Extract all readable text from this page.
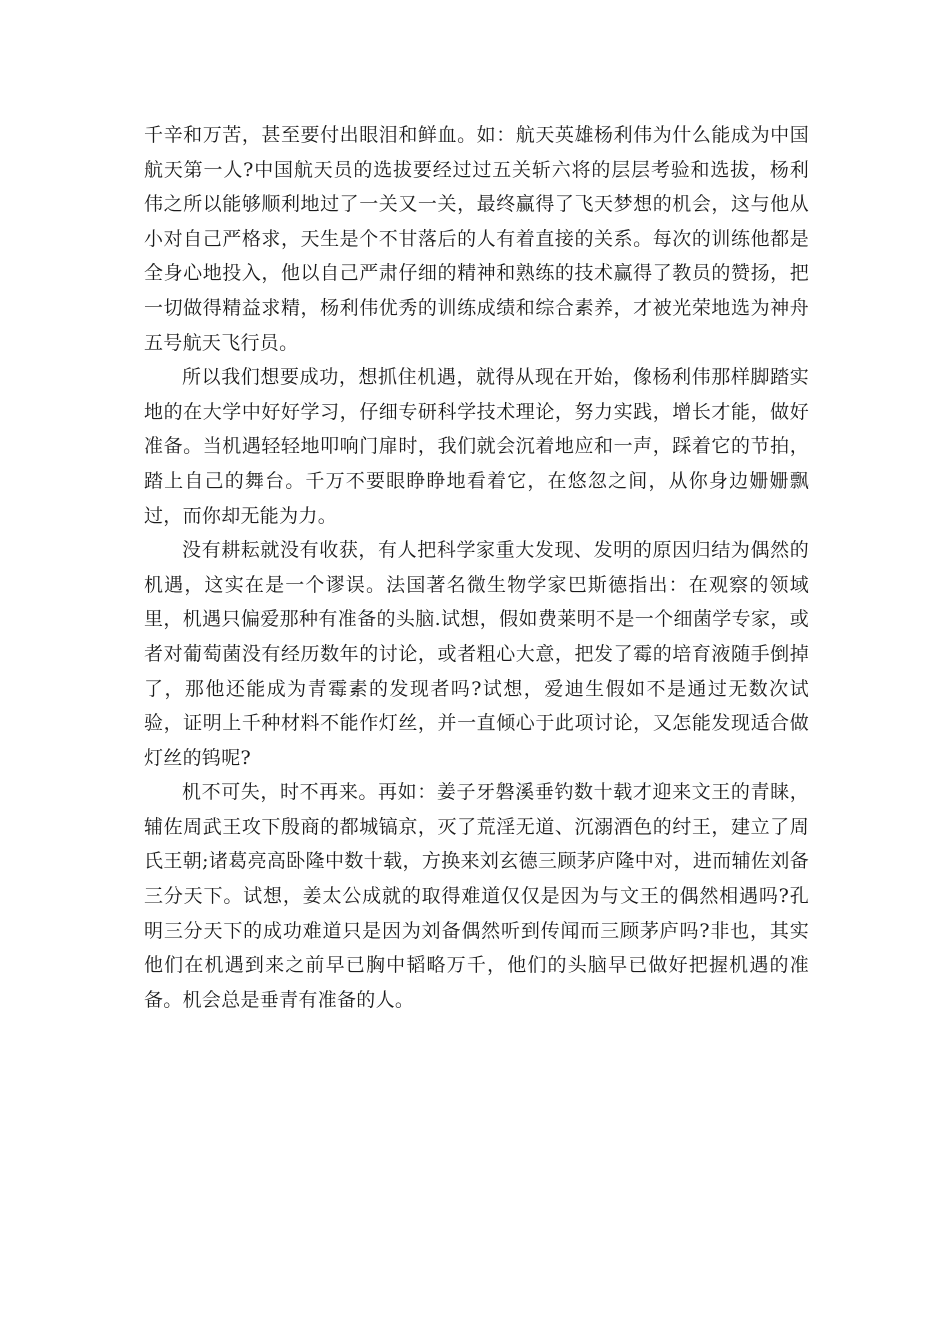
千辛和万苦，甚至要付出眼泪和鲜血。如：航天英雄杨利伟为什么能成为中国航天第一人?中国航天员的选拔要经过过五关斩六将的层层考验和选拔，杨利伟之所以能够顺利地过了一关又一关，最终赢得了飞天梦想的机会，这与他从小对自己严格求，天生是个不甘落后的人有着直接的关系。每次的训练他都是全身心地投入，他以自己严肃仔细的精神和熟练的技术赢得了教员的赞扬，把一切做得精益求精，杨利伟优秀的训练成绩和综合素养，才被光荣地选为神舟五号航天飞行员。

所以我们想要成功，想抓住机遇，就得从现在开始，像杨利伟那样脚踏实地的在大学中好好学习，仔细专研科学技术理论，努力实践，增长才能，做好准备。当机遇轻轻地叩响门扉时，我们就会沉着地应和一声，踩着它的节拍，踏上自己的舞台。千万不要眼睁睁地看着它，在悠忽之间，从你身边姗姗飘过，而你却无能为力。

没有耕耘就没有收获，有人把科学家重大发现、发明的原因归结为偶然的机遇，这实在是一个谬误。法国著名微生物学家巴斯德指出：在观察的领域里，机遇只偏爱那种有准备的头脑.试想，假如费莱明不是一个细菌学专家，或者对葡萄菌没有经历数年的讨论，或者粗心大意，把发了霉的培育液随手倒掉了，那他还能成为青霉素的发现者吗?试想，爱迪生假如不是通过无数次试验，证明上千种材料不能作灯丝，并一直倾心于此项讨论，又怎能发现适合做灯丝的钨呢?

机不可失，时不再来。再如：姜子牙磐溪垂钓数十载才迎来文王的青睐，辅佐周武王攻下殷商的都城镐京，灭了荒淫无道、沉溺酒色的纣王，建立了周氏王朝;诸葛亮高卧隆中数十载，方换来刘玄德三顾茅庐隆中对，进而辅佐刘备三分天下。试想，姜太公成就的取得难道仅仅是因为与文王的偶然相遇吗?孔明三分天下的成功难道只是因为刘备偶然听到传闻而三顾茅庐吗?非也，其实他们在机遇到来之前早已胸中韬略万千，他们的头脑早已做好把握机遇的准备。机会总是垂青有准备的人。
